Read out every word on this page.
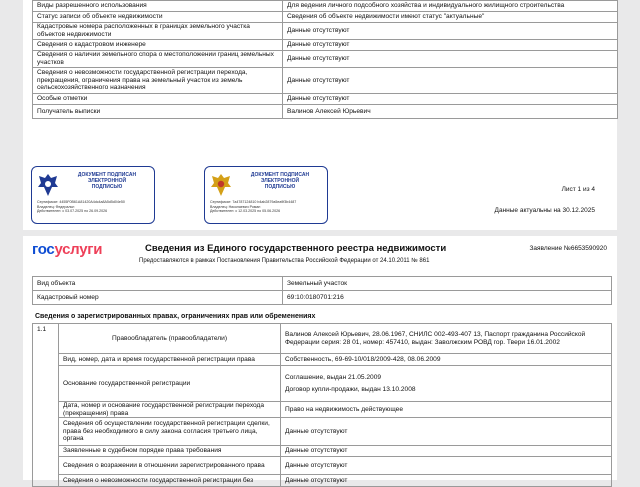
Виды разрешенного использования	Для ведения личного подсобного хозяйства и индивидуального жилищного строительства
Статус записи об объекте недвижимости	Сведения об объекте недвижимости имеют статус "актуальные"
Кадастровые номера расположенных в границах земельного участка объектов недвижимости	Данные отсутствуют
Сведения о кадастровом инженере	Данные отсутствуют
Сведения о наличии земельного спора о местоположении границ земельных участков	Данные отсутствуют
Сведения о невозможности государственной регистрации перехода, прекращения, ограничения права на земельный участок из земель сельскохозяйственного назначения	Данные отсутствуют
Особые отметки	Данные отсутствуют
Получатель выписки	Валинов Алексей Юрьевич
ДОКУМЕНТ ПОДПИСАН
ЭЛЕКТРОННОЙ
ПОДПИСЬЮ
Сертификат: 4455F0B61A81420A4dc4a8A5d5d04e50
Владелец: Федеральн
Действителен: с 03.07.2025 по 26.09.2026
ДОКУМЕНТ ПОДПИСАН
ЭЛЕКТРОННОЙ
ПОДПИСЬЮ
Сертификат: 7a4787124810 b4ab2879a5ea9f3b4487
Владелец: Николаевич Роман
Действителен: с 12.03.2025 по 05.06.2026
Лист 1 из 4
Данные актуальны на 30.12.2025
госуслуги	Сведения из Единого государственного реестра недвижимости	Заявление №6653590920
Предоставляются в рамках Постановления Правительства Российской Федерации от 24.10.2011 № 861
Вид объекта	Земельный участок
Кадастровый номер	69:10:0180701:216
Сведения о зарегистрированных правах, ограничениях прав или обременениях
1.1	Правообладатель (правообладатели)	Валинов Алексей Юрьевич, 28.06.1967, СНИЛС 002-493-407 13, Паспорт гражданина Российской Федерации серия: 28 01, номер: 457410, выдан: Заволжским РОВД гор. Твери 16.01.2002

	Вид, номер, дата и время государственной регистрации права	Собственность, 69-69-10/018/2009-428, 08.06.2009

	Основание государственной регистрации	Соглашение, выдан 21.05.2009
Договор купли-продажи, выдан 13.10.2008

	Дата, номер и основание государственной регистрации перехода (прекращения) права	Право на недвижимость действующее

	Сведения об осуществлении государственной регистрации сделки, права без необходимого в силу закона согласия третьего лица, органа	Данные отсутствуют

	Заявленные в судебном порядке права требования	Данные отсутствуют

	Сведения о возражении в отношении зарегистрированного права	Данные отсутствуют

	Сведения о невозможности государственной регистрации без	Данные отсутствуют
